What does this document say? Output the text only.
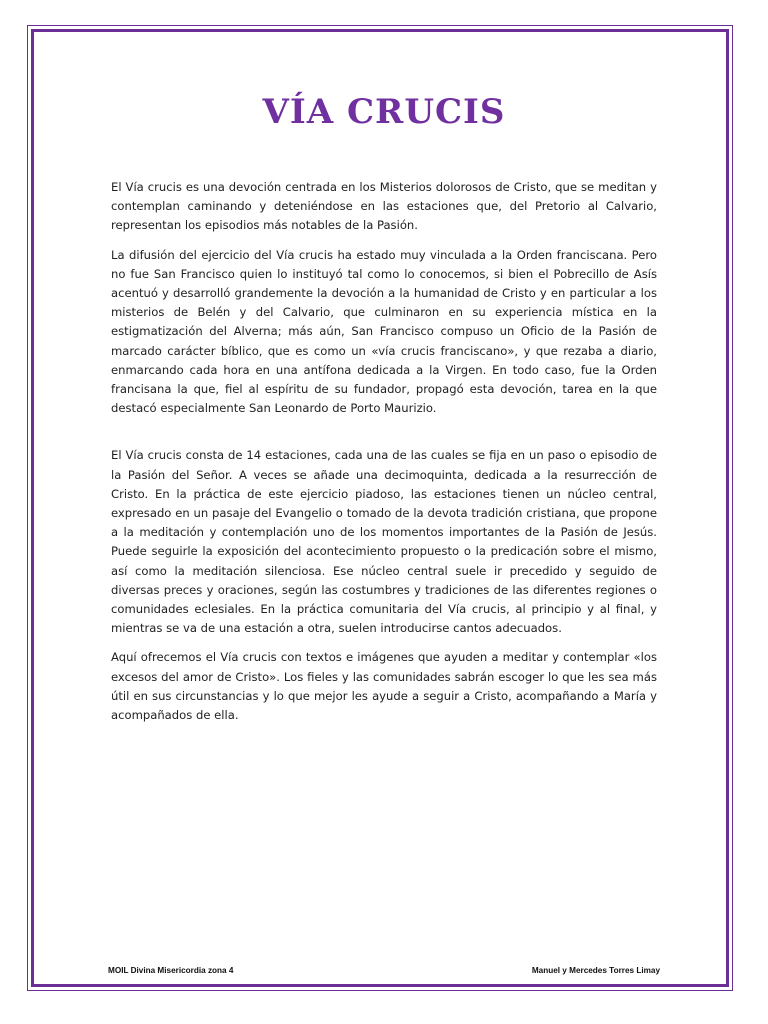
VÍA CRUCIS

El Vía crucis es una devoción centrada en los Misterios dolorosos de Cristo, que se meditan y contemplan caminando y deteniéndose en las estaciones que, del Pretorio al Calvario, representan los episodios más notables de la Pasión.

La difusión del ejercicio del Vía crucis ha estado muy vinculada a la Orden franciscana. Pero no fue San Francisco quien lo instituyó tal como lo conocemos, si bien el Pobrecillo de Asís acentuó y desarrolló grandemente la devoción a la humanidad de Cristo y en particular a los misterios de Belén y del Calvario, que culminaron en su experiencia mística en la estigmatización del Alverna; más aún, San Francisco compuso un Oficio de la Pasión de marcado carácter bíblico, que es como un «vía crucis franciscano», y que rezaba a diario, enmarcando cada hora en una antífona dedicada a la Virgen. En todo caso, fue la Orden francisana la que, fiel al espíritu de su fundador, propagó esta devoción, tarea en la que destacó especialmente San Leonardo de Porto Maurizio.

El Vía crucis consta de 14 estaciones, cada una de las cuales se fija en un paso o episodio de la Pasión del Señor. A veces se añade una decimoquinta, dedicada a la resurrección de Cristo. En la práctica de este ejercicio piadoso, las estaciones tienen un núcleo central, expresado en un pasaje del Evangelio o tomado de la devota tradición cristiana, que propone a la meditación y contemplación uno de los momentos importantes de la Pasión de Jesús. Puede seguirle la exposición del acontecimiento propuesto o la predicación sobre el mismo, así como la meditación silenciosa. Ese núcleo central suele ir precedido y seguido de diversas preces y oraciones, según las costumbres y tradiciones de las diferentes regiones o comunidades eclesiales. En la práctica comunitaria del Vía crucis, al principio y al final, y mientras se va de una estación a otra, suelen introducirse cantos adecuados.

Aquí ofrecemos el Vía crucis con textos e imágenes que ayuden a meditar y contemplar «los excesos del amor de Cristo». Los fieles y las comunidades sabrán escoger lo que les sea más útil en sus circunstancias y lo que mejor les ayude a seguir a Cristo, acompañando a María y acompañados de ella.

MOIL Divina Misericordia zona 4	Manuel y Mercedes Torres Limay
